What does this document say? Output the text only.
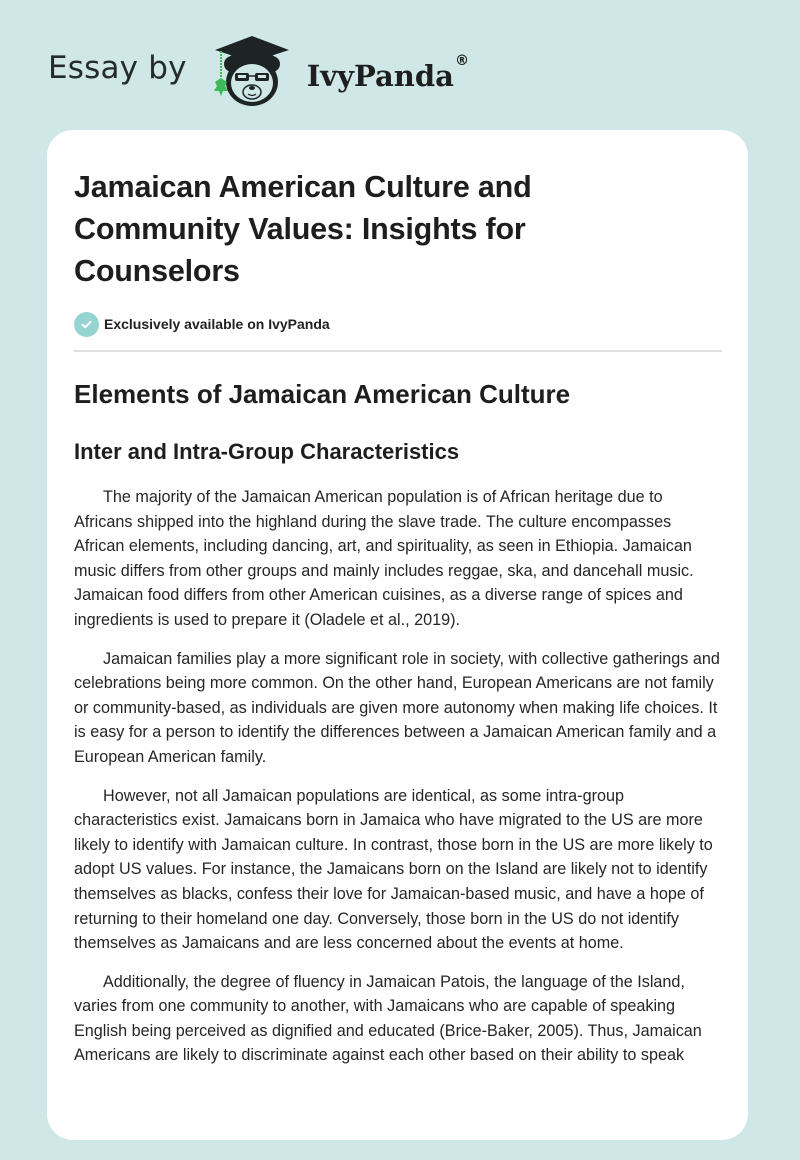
Essay by	IvyPanda®
Jamaican American Culture and Community Values: Insights for Counselors
Exclusively available on IvyPanda
Elements of Jamaican American Culture
Inter and Intra-Group Characteristics

The majority of the Jamaican American population is of African heritage due to Africans shipped into the highland during the slave trade. The culture encompasses African elements, including dancing, art, and spirituality, as seen in Ethiopia. Jamaican music differs from other groups and mainly includes reggae, ska, and dancehall music. Jamaican food differs from other American cuisines, as a diverse range of spices and ingredients is used to prepare it (Oladele et al., 2019).

Jamaican families play a more significant role in society, with collective gatherings and celebrations being more common. On the other hand, European Americans are not family or community-based, as individuals are given more autonomy when making life choices. It is easy for a person to identify the differences between a Jamaican American family and a European American family.

However, not all Jamaican populations are identical, as some intra-group characteristics exist. Jamaicans born in Jamaica who have migrated to the US are more likely to identify with Jamaican culture. In contrast, those born in the US are more likely to adopt US values. For instance, the Jamaicans born on the Island are likely not to identify themselves as blacks, confess their love for Jamaican-based music, and have a hope of returning to their homeland one day. Conversely, those born in the US do not identify themselves as Jamaicans and are less concerned about the events at home.

Additionally, the degree of fluency in Jamaican Patois, the language of the Island, varies from one community to another, with Jamaicans who are capable of speaking English being perceived as dignified and educated (Brice-Baker, 2005). Thus, Jamaican Americans are likely to discriminate against each other based on their ability to speak
